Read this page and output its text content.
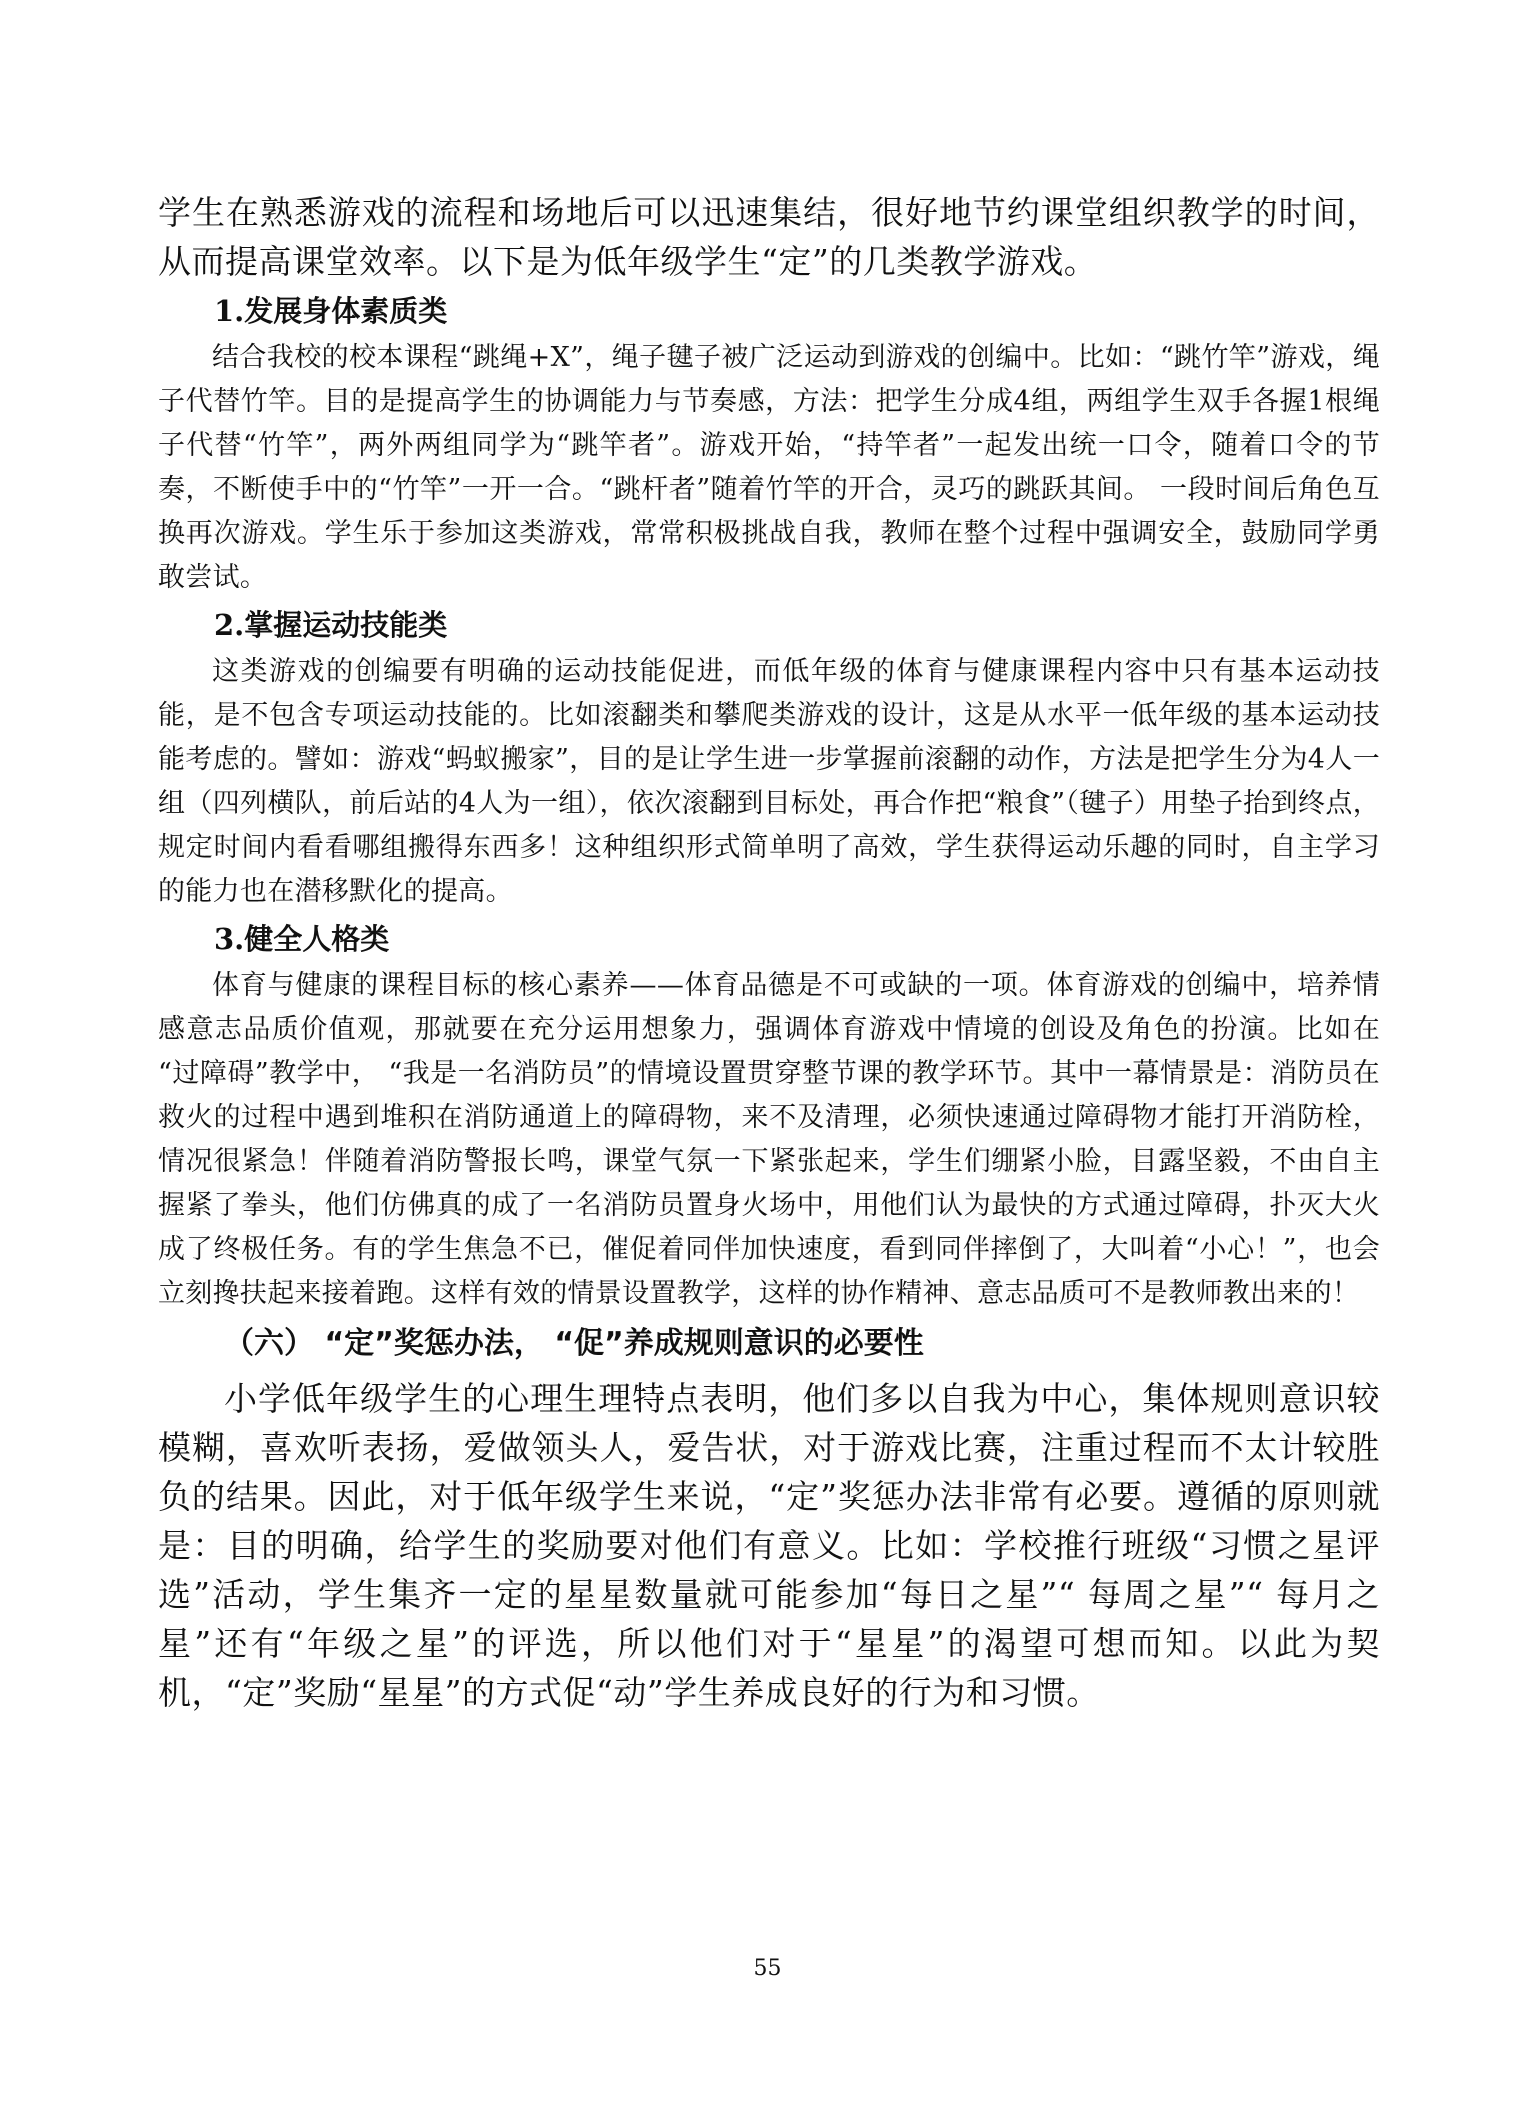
学生在熟悉游戏的流程和场地后可以迅速集结，很好地节约课堂组织教学的时间，从而提高课堂效率。以下是为低年级学生“定”的几类教学游戏。

1.发展身体素质类

结合我校的校本课程“跳绳+X”，绳子毽子被广泛运动到游戏的创编中。比如：“跳竹竿”游戏，绳子代替竹竿。目的是提高学生的协调能力与节奏感，方法：把学生分成4组，两组学生双手各握1根绳子代替“竹竿”，两外两组同学为“跳竿者”。游戏开始，“持竿者”一起发出统一口令，随着口令的节奏，不断使手中的“竹竿”一开一合。“跳杆者”随着竹竿的开合，灵巧的跳跃其间。 一段时间后角色互换再次游戏。学生乐于参加这类游戏，常常积极挑战自我，教师在整个过程中强调安全，鼓励同学勇敢尝试。

2.掌握运动技能类

这类游戏的创编要有明确的运动技能促进，而低年级的体育与健康课程内容中只有基本运动技能，是不包含专项运动技能的。比如滚翻类和攀爬类游戏的设计，这是从水平一低年级的基本运动技能考虑的。譬如：游戏“蚂蚁搬家”，目的是让学生进一步掌握前滚翻的动作，方法是把学生分为4人一组（四列横队，前后站的4人为一组），依次滚翻到目标处，再合作把“粮食”（毽子）用垫子抬到终点，规定时间内看看哪组搬得东西多！这种组织形式简单明了高效，学生获得运动乐趣的同时，自主学习的能力也在潜移默化的提高。

3.健全人格类

体育与健康的课程目标的核心素养——体育品德是不可或缺的一项。体育游戏的创编中，培养情感意志品质价值观，那就要在充分运用想象力，强调体育游戏中情境的创设及角色的扮演。比如在 “过障碍”教学中， “我是一名消防员”的情境设置贯穿整节课的教学环节。其中一幕情景是：消防员在救火的过程中遇到堆积在消防通道上的障碍物，来不及清理，必须快速通过障碍物才能打开消防栓，情况很紧急！伴随着消防警报长鸣，课堂气氛一下紧张起来，学生们绷紧小脸，目露坚毅，不由自主握紧了拳头，他们仿佛真的成了一名消防员置身火场中，用他们认为最快的方式通过障碍，扑灭大火成了终极任务。有的学生焦急不已，催促着同伴加快速度，看到同伴摔倒了，大叫着“小心！”，也会立刻搀扶起来接着跑。这样有效的情景设置教学，这样的协作精神、意志品质可不是教师教出来的！

（六） “定”奖惩办法， “促”养成规则意识的必要性

小学低年级学生的心理生理特点表明，他们多以自我为中心，集体规则意识较模糊，喜欢听表扬，爱做领头人，爱告状，对于游戏比赛，注重过程而不太计较胜负的结果。因此，对于低年级学生来说，“定”奖惩办法非常有必要。遵循的原则就是：目的明确，给学生的奖励要对他们有意义。比如：学校推行班级“习惯之星评选”活动，学生集齐一定的星星数量就可能参加“每日之星”“ 每周之星”“ 每月之星”还有“年级之星”的评选，所以他们对于“星星”的渴望可想而知。以此为契机，“定”奖励“星星”的方式促“动”学生养成良好的行为和习惯。

55
